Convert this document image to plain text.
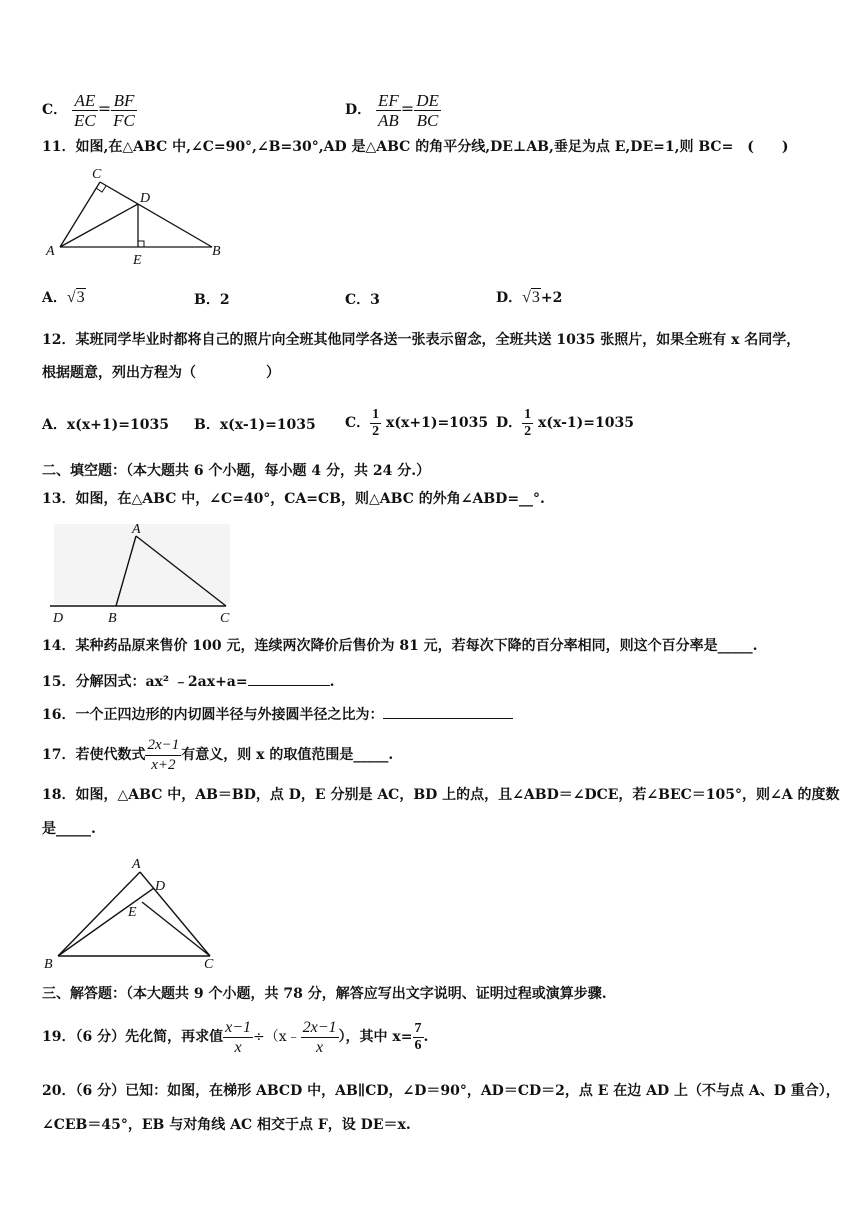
C． $\frac{AE}{EC} = \frac{BF}{FC}$	D． $\frac{EF}{AB} = \frac{DE}{BC}$
11．如图,在△ABC 中,∠C=90°,∠B=30°,AD 是△ABC 的角平分线,DE⊥AB,垂足为点 E,DE=1,则 BC=　(　　)
C
D
A	B
E
A．√3	B．2	C．3	D．√3+2
12．某班同学毕业时都将自己的照片向全班其他同学各送一张表示留念，全班共送 1035 张照片，如果全班有 x 名同学，
根据题意，列出方程为（　　　　　）
A．x(x+1)=1035 B．x(x-1)=1035 C． $\frac{1}{2} x(x+1)=1035$ D． $\frac{1}{2} x(x-1)=1035$
二、填空题：（本大题共 6 个小题，每小题 4 分，共 24 分.）
13．如图，在△ABC 中，∠C=40°，CA=CB，则△ABC 的外角∠ABD=__°.
A
D	B	C
14．某种药品原来售价 100 元，连续两次降价后售价为 81 元，若每次下降的百分率相同，则这个百分率是_____.
15．分解因式：ax² ﹣2ax+a=	.
16．一个正四边形的内切圆半径与外接圆半径之比为：
17．若使代数式 $\frac{2x-1}{x+2}$ 有意义，则 x 的取值范围是_____.
18．如图，△ABC 中，AB＝BD，点 D，E 分别是 AC，BD 上的点，且∠ABD＝∠DCE，若∠BEC＝105°，则∠A 的度数
是_____.
A
D
E
B	C
三、解答题：（本大题共 9 个小题，共 78 分，解答应写出文字说明、证明过程或演算步骤.
19．（6 分）先化简，再求值 $\frac{x-1}{x}$ ÷（x﹣ $\frac{2x-1}{x}$ ），其中 $x= \frac{7}{6}$ .
20．（6 分）已知：如图，在梯形 ABCD 中，AB∥CD，∠D＝90°，AD＝CD＝2，点 E 在边 AD 上（不与点 A、D 重合），
∠CEB＝45°，EB 与对角线 AC 相交于点 F，设 DE＝x.
